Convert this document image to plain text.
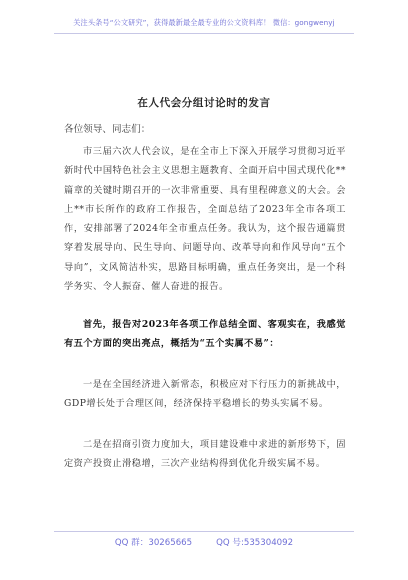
关注头条号“公文研究”，获得最新最全最专业的公文资料库！ 微信：gongwenyj
在人代会分组讨论时的发言
各位领导、同志们：
市三届六次人代会议，是在全市上下深入开展学习贯彻习近平新时代中国特色社会主义思想主题教育、全面开启中国式现代化**篇章的关键时期召开的一次非常重要、具有里程碑意义的大会。会上**市长所作的政府工作报告，全面总结了2023年全市各项工作，安排部署了2024年全市重点任务。我认为，这个报告通篇贯穿着发展导向、民生导向、问题导向、改革导向和作风导向“五个导向”，文风简洁朴实，思路目标明确，重点任务突出，是一个科学务实、令人振奋、催人奋进的报告。
首先，报告对2023年各项工作总结全面、客观实在，我感觉有五个方面的突出亮点，概括为“五个实属不易”：
一是在全国经济进入新常态，积极应对下行压力的新挑战中， GDP增长处于合理区间，经济保持平稳增长的势头实属不易。
二是在招商引资力度加大，项目建设难中求进的新形势下，固定资产投资止滑稳增，三次产业结构得到优化升级实属不易。
QQ 群：30265665	QQ 号:535304092
